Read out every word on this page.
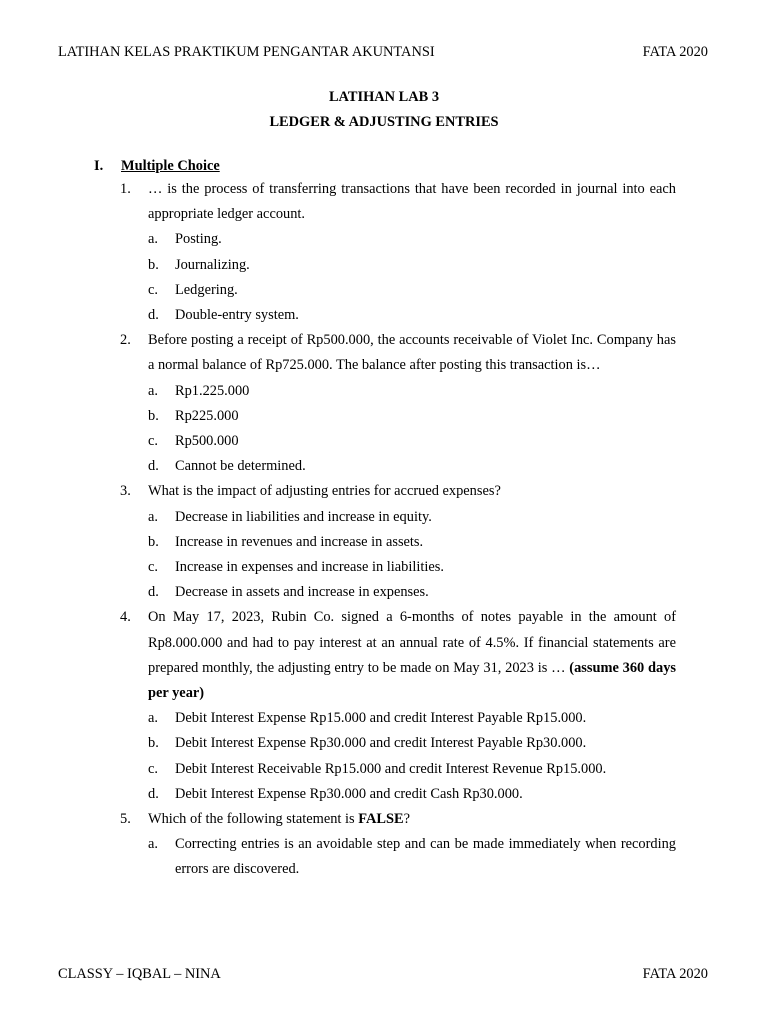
LATIHAN KELAS PRAKTIKUM PENGANTAR AKUNTANSI	FATA 2020
LATIHAN LAB 3
LEDGER & ADJUSTING ENTRIES
I. Multiple Choice
1.	… is the process of transferring transactions that have been recorded in journal into each appropriate ledger account.
a.	Posting.
b.	Journalizing.
c.	Ledgering.
d.	Double-entry system.
2.	Before posting a receipt of Rp500.000, the accounts receivable of Violet Inc. Company has a normal balance of Rp725.000. The balance after posting this transaction is…
a.	Rp1.225.000
b.	Rp225.000
c.	Rp500.000
d.	Cannot be determined.
3.	What is the impact of adjusting entries for accrued expenses?
a.	Decrease in liabilities and increase in equity.
b.	Increase in revenues and increase in assets.
c.	Increase in expenses and increase in liabilities.
d.	Decrease in assets and increase in expenses.
4.	On May 17, 2023, Rubin Co. signed a 6-months of notes payable in the amount of Rp8.000.000 and had to pay interest at an annual rate of 4.5%. If financial statements are prepared monthly, the adjusting entry to be made on May 31, 2023 is … (assume 360 days per year)
a.	Debit Interest Expense Rp15.000 and credit Interest Payable Rp15.000.
b.	Debit Interest Expense Rp30.000 and credit Interest Payable Rp30.000.
c.	Debit Interest Receivable Rp15.000 and credit Interest Revenue Rp15.000.
d.	Debit Interest Expense Rp30.000 and credit Cash Rp30.000.
5.	Which of the following statement is FALSE?
a.	Correcting entries is an avoidable step and can be made immediately when recording errors are discovered.
CLASSY – IQBAL – NINA	FATA 2020
